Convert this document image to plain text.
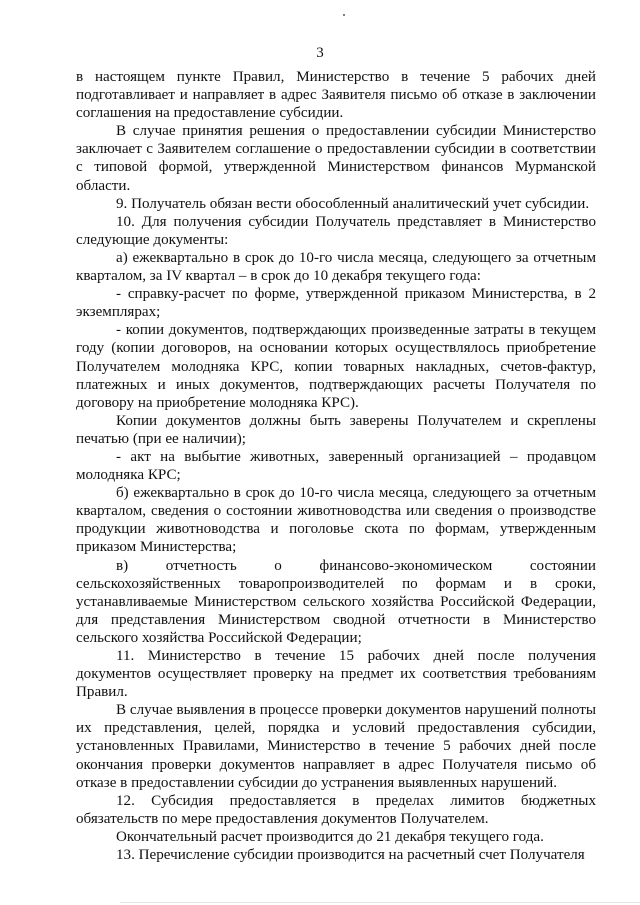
3

в настоящем пункте Правил, Министерство в течение 5 рабочих дней подготавливает и направляет в адрес Заявителя письмо об отказе в заключении соглашения на предоставление субсидии.

В случае принятия решения о предоставлении субсидии Министерство заключает с Заявителем соглашение о предоставлении субсидии в соответствии с типовой формой, утвержденной Министерством финансов Мурманской области.

9. Получатель обязан вести обособленный аналитический учет субсидии.

10. Для получения субсидии Получатель представляет в Министерство следующие документы:

а) ежеквартально в срок до 10-го числа месяца, следующего за отчетным кварталом, за IV квартал – в срок до 10 декабря текущего года:

- справку-расчет по форме, утвержденной приказом Министерства, в 2 экземплярах;

- копии документов, подтверждающих произведенные затраты в текущем году (копии договоров, на основании которых осуществлялось приобретение Получателем молодняка КРС, копии товарных накладных, счетов-фактур, платежных и иных документов, подтверждающих расчеты Получателя по договору на приобретение молодняка КРС).

Копии документов должны быть заверены Получателем и скреплены печатью (при ее наличии);

- акт на выбытие животных, заверенный организацией – продавцом молодняка КРС;

б) ежеквартально в срок до 10-го числа месяца, следующего за отчетным кварталом, сведения о состоянии животноводства или сведения о производстве продукции животноводства и поголовье скота по формам, утвержденным приказом Министерства;

в) отчетность о финансово-экономическом состоянии сельскохозяйственных товаропроизводителей по формам и в сроки, устанавливаемые Министерством сельского хозяйства Российской Федерации, для представления Министерством сводной отчетности в Министерство сельского хозяйства Российской Федерации;

11. Министерство в течение 15 рабочих дней после получения документов осуществляет проверку на предмет их соответствия требованиям Правил.

В случае выявления в процессе проверки документов нарушений полноты их представления, целей, порядка и условий предоставления субсидии, установленных Правилами, Министерство в течение 5 рабочих дней после окончания проверки документов направляет в адрес Получателя письмо об отказе в предоставлении субсидии до устранения выявленных нарушений.

12. Субсидия предоставляется в пределах лимитов бюджетных обязательств по мере предоставления документов Получателем.

Окончательный расчет производится до 21 декабря текущего года.

13. Перечисление субсидии производится на расчетный счет Получателя
